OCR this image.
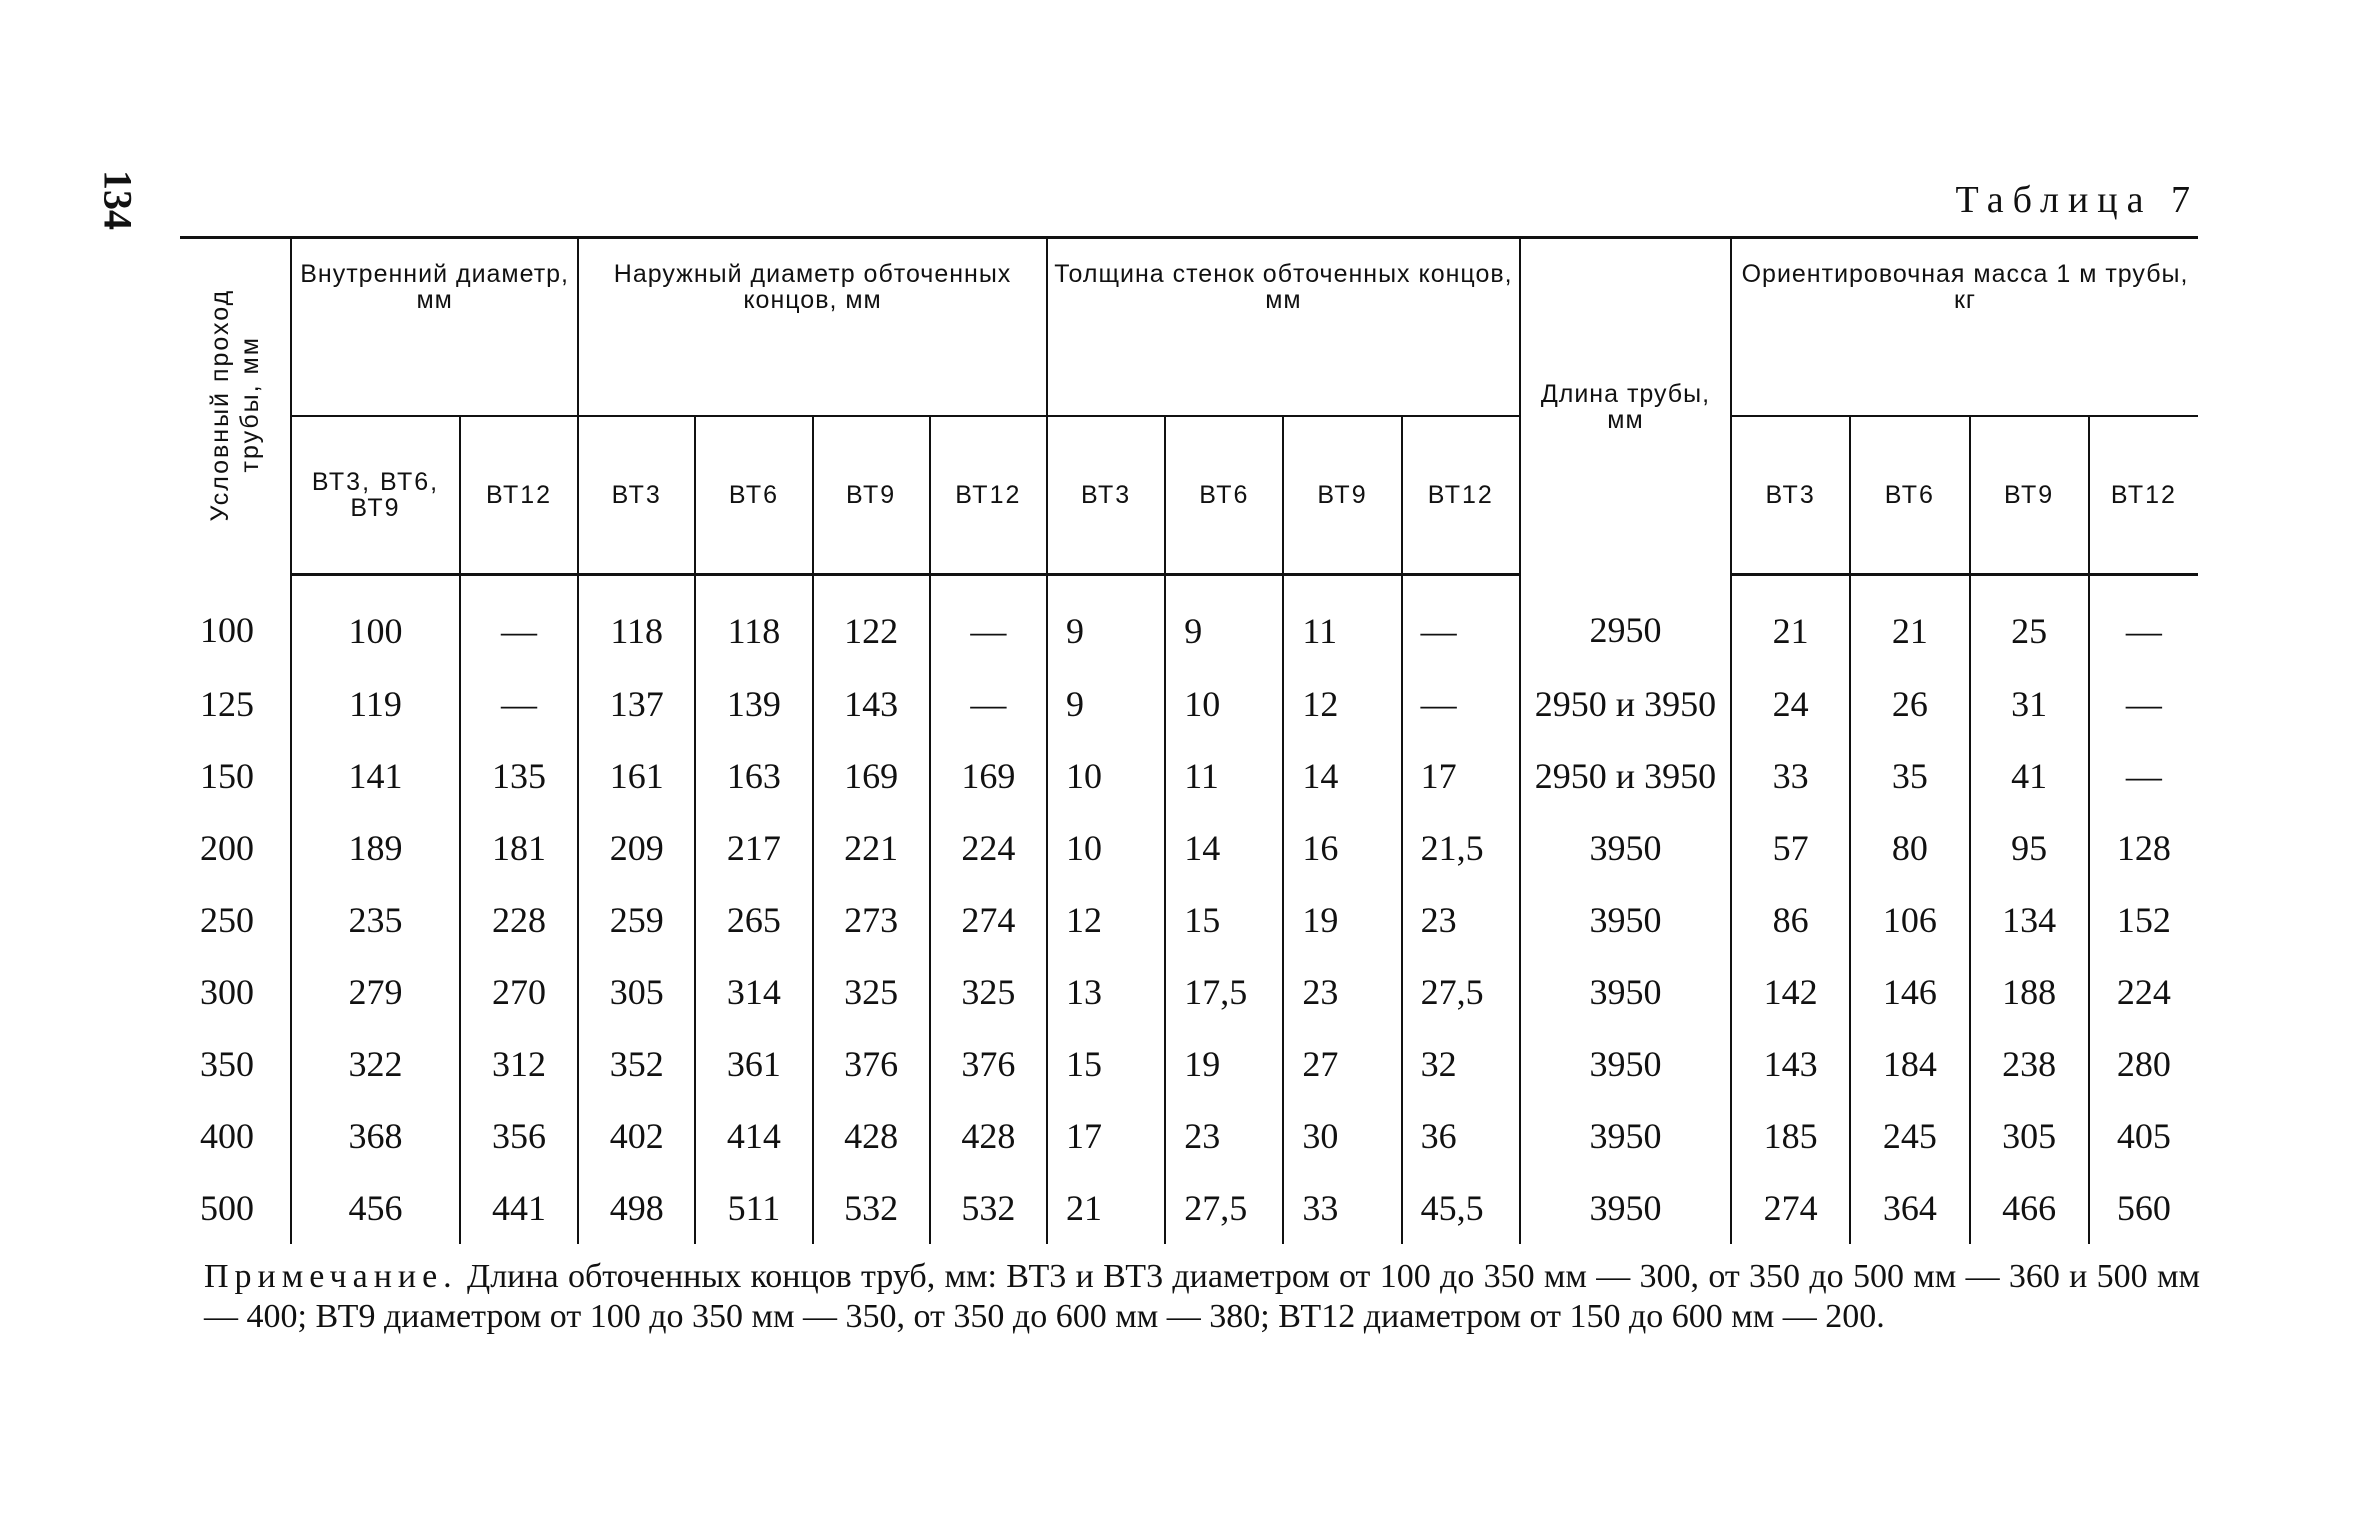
134	Таблица 7
Условный проход трубы, мм	Внутренний диаметр, мм		Наружный диаметр обточенных концов, мм				Толщина стенок обточенных концов, мм				Длина трубы, мм	Ориентировочная масса 1 м трубы, кг			
	ВТ3, ВТ6, ВТ9	ВТ12	ВТ3	ВТ6	ВТ9	ВТ12	ВТ3	ВТ6	ВТ9	ВТ12		ВТ3	ВТ6	ВТ9	ВТ12
100	100	—	118	118	122	—	9	9	11	—	2950	21	21	25	—
125	119	—	137	139	143	—	9	10	12	—	2950 и 3950	24	26	31	—
150	141	135	161	163	169	169	10	11	14	17	2950 и 3950	33	35	41	—
200	189	181	209	217	221	224	10	14	16	21,5	3950	57	80	95	128
250	235	228	259	265	273	274	12	15	19	23	3950	86	106	134	152
300	279	270	305	314	325	325	13	17,5	23	27,5	3950	142	146	188	224
350	322	312	352	361	376	376	15	19	27	32	3950	143	184	238	280
400	368	356	402	414	428	428	17	23	30	36	3950	185	245	305	405
500	456	441	498	511	532	532	21	27,5	33	45,5	3950	274	364	466	560
Примечание. Длина обточенных концов труб, мм: ВТ3 и ВТ3 диаметром от 100 до 350 мм — 300, от 350 до 500 мм — 360 и 500 мм — 400; ВТ9 диаметром от 100 до 350 мм — 350, от 350 до 600 мм — 380; ВТ12 диаметром от 150 до 600 мм — 200.
